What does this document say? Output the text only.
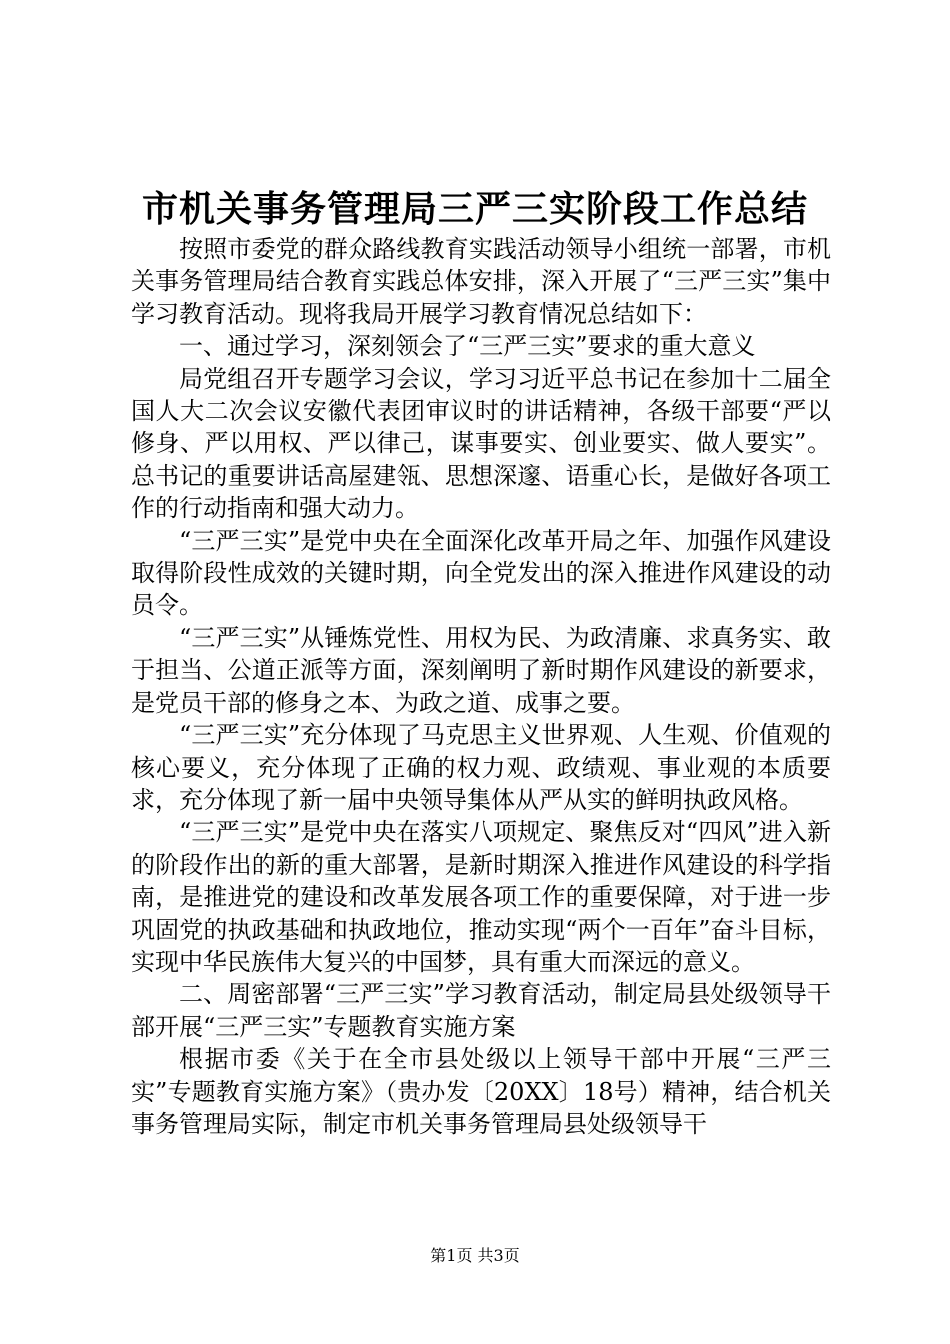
市机关事务管理局三严三实阶段工作总结

按照市委党的群众路线教育实践活动领导小组统一部署，市机关事务管理局结合教育实践总体安排，深入开展了“三严三实”集中学习教育活动。现将我局开展学习教育情况总结如下：

一、通过学习，深刻领会了“三严三实”要求的重大意义

局党组召开专题学习会议，学习习近平总书记在参加十二届全国人大二次会议安徽代表团审议时的讲话精神，各级干部要“严以修身、严以用权、严以律己，谋事要实、创业要实、做人要实”。总书记的重要讲话高屋建瓴、思想深邃、语重心长，是做好各项工作的行动指南和强大动力。

“三严三实”是党中央在全面深化改革开局之年、加强作风建设取得阶段性成效的关键时期，向全党发出的深入推进作风建设的动员令。

“三严三实”从锤炼党性、用权为民、为政清廉、求真务实、敢于担当、公道正派等方面，深刻阐明了新时期作风建设的新要求，是党员干部的修身之本、为政之道、成事之要。

“三严三实”充分体现了马克思主义世界观、人生观、价值观的核心要义，充分体现了正确的权力观、政绩观、事业观的本质要求，充分体现了新一届中央领导集体从严从实的鲜明执政风格。

“三严三实”是党中央在落实八项规定、聚焦反对“四风”进入新的阶段作出的新的重大部署，是新时期深入推进作风建设的科学指南，是推进党的建设和改革发展各项工作的重要保障，对于进一步巩固党的执政基础和执政地位，推动实现“两个一百年”奋斗目标，实现中华民族伟大复兴的中国梦，具有重大而深远的意义。

二、周密部署“三严三实”学习教育活动，制定局县处级领导干部开展“三严三实”专题教育实施方案

根据市委《关于在全市县处级以上领导干部中开展“三严三实”专题教育实施方案》（贵办发〔20XX〕18号）精神，结合机关事务管理局实际，制定市机关事务管理局县处级领导干

第1页 共3页
